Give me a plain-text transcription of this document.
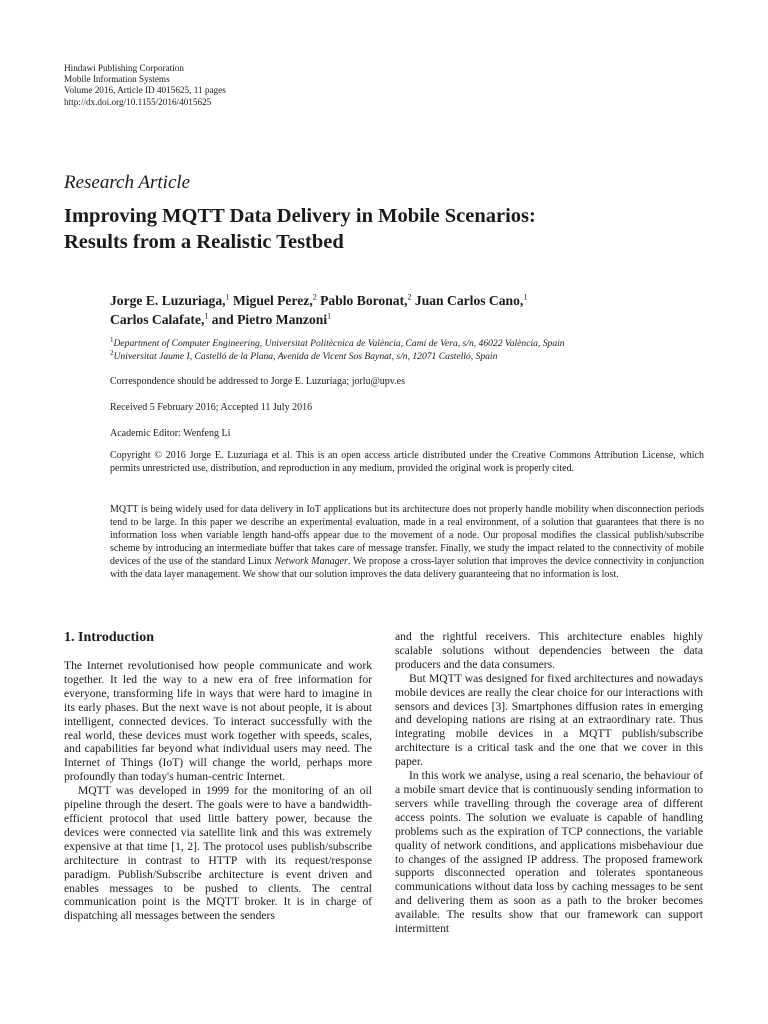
Hindawi Publishing Corporation
Mobile Information Systems
Volume 2016, Article ID 4015625, 11 pages
http://dx.doi.org/10.1155/2016/4015625
Research Article
Improving MQTT Data Delivery in Mobile Scenarios:
Results from a Realistic Testbed
Jorge E. Luzuriaga,$^1$ Miguel Perez,$^2$ Pablo Boronat,$^2$ Juan Carlos Cano,$^1$
Carlos Calafate,$^1$ and Pietro Manzoni$^1$
$^1$Department of Computer Engineering, Universitat Politècnica de València, Camí de Vera, s/n, 46022 València, Spain
$^2$Universitat Jaume I, Castelló de la Plana, Avenida de Vicent Sos Baynat, s/n, 12071 Castelló, Spain
Correspondence should be addressed to Jorge E. Luzuriaga; jorlu@upv.es
Received 5 February 2016; Accepted 11 July 2016
Academic Editor: Wenfeng Li
Copyright © 2016 Jorge E. Luzuriaga et al. This is an open access article distributed under the Creative Commons Attribution License, which permits unrestricted use, distribution, and reproduction in any medium, provided the original work is properly cited.
MQTT is being widely used for data delivery in IoT applications but its architecture does not properly handle mobility when disconnection periods tend to be large. In this paper we describe an experimental evaluation, made in a real environment, of a solution that guarantees that there is no information loss when variable length hand-offs appear due to the movement of a node. Our proposal modifies the classical publish/subscribe scheme by introducing an intermediate buffer that takes care of message transfer. Finally, we study the impact related to the connectivity of mobile devices of the use of the standard Linux Network Manager. We propose a cross-layer solution that improves the device connectivity in conjunction with the data layer management. We show that our solution improves the data delivery guaranteeing that no information is lost.
1. Introduction

The Internet revolutionised how people communicate and work together. It led the way to a new era of free information for everyone, transforming life in ways that were hard to imagine in its early phases. But the next wave is not about people, it is about intelligent, connected devices. To interact successfully with the real world, these devices must work together with speeds, scales, and capabilities far beyond what individual users may need. The Internet of Things (IoT) will change the world, perhaps more profoundly than today's human-centric Internet.

MQTT was developed in 1999 for the monitoring of an oil pipeline through the desert. The goals were to have a bandwidth-efficient protocol that used little battery power, because the devices were connected via satellite link and this was extremely expensive at that time [1, 2]. The protocol uses publish/subscribe architecture in contrast to HTTP with its request/response paradigm. Publish/Subscribe architecture is event driven and enables messages to be pushed to clients. The central communication point is the MQTT broker. It is in charge of dispatching all messages between the senders

and the rightful receivers. This architecture enables highly scalable solutions without dependencies between the data producers and the data consumers.

But MQTT was designed for fixed architectures and nowadays mobile devices are really the clear choice for our interactions with sensors and devices [3]. Smartphones diffusion rates in emerging and developing nations are rising at an extraordinary rate. Thus integrating mobile devices in a MQTT publish/subscribe architecture is a critical task and the one that we cover in this paper.

In this work we analyse, using a real scenario, the behaviour of a mobile smart device that is continuously sending information to servers while travelling through the coverage area of different access points. The solution we evaluate is capable of handling problems such as the expiration of TCP connections, the variable quality of network conditions, and applications misbehaviour due to changes of the assigned IP address. The proposed framework supports disconnected operation and tolerates spontaneous communications without data loss by caching messages to be sent and delivering them as soon as a path to the broker becomes available. The results show that our framework can support intermittent
